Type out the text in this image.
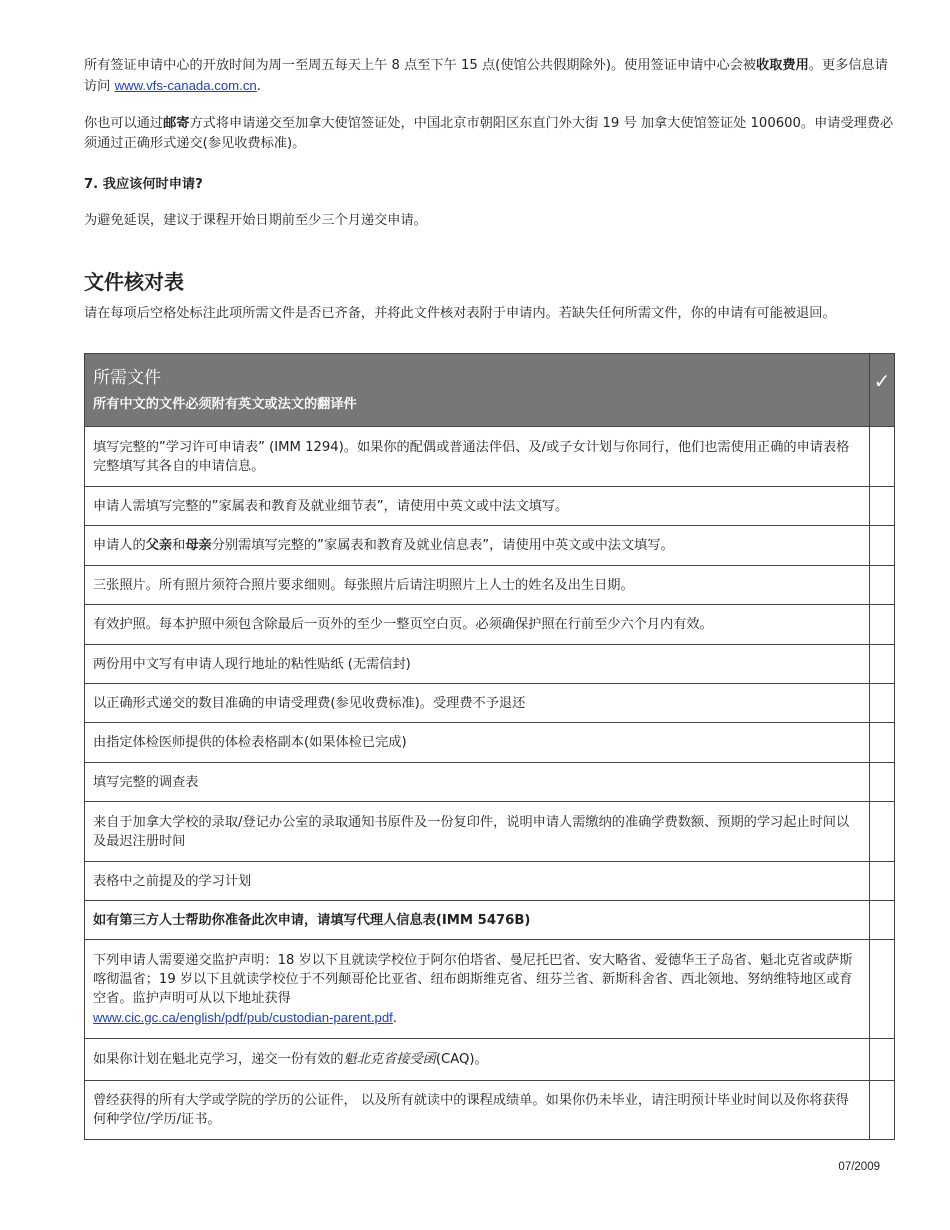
所有签证申请中心的开放时间为周一至周五每天上午 8 点至下午 15 点(使馆公共假期除外)。使用签证申请中心会被收取费用。更多信息请访问 www.vfs-canada.com.cn.

你也可以通过邮寄方式将申请递交至加拿大使馆签证处，中国北京市朝阳区东直门外大街 19 号 加拿大使馆签证处 100600。申请受理费必须通过正确形式递交(参见收费标准)。

7. 我应该何时申请?

为避免延误，建议于课程开始日期前至少三个月递交申请。

文件核对表

请在每项后空格处标注此项所需文件是否已齐备，并将此文件核对表附于申请内。若缺失任何所需文件，你的申请有可能被退回。

所需文件
所有中文的文件必须附有英文或法文的翻译件	✓

填写完整的”学习许可申请表” (IMM 1294)。如果你的配偶或普通法伴侣、及/或子女计划与你同行，他们也需使用正确的申请表格完整填写其各自的申请信息。	
申请人需填写完整的”家属表和教育及就业细节表”，请使用中英文或中法文填写。	
申请人的父亲和母亲分别需填写完整的”家属表和教育及就业信息表”，请使用中英文或中法文填写。	
三张照片。所有照片须符合照片要求细则。每张照片后请注明照片上人士的姓名及出生日期。	
有效护照。每本护照中须包含除最后一页外的至少一整页空白页。必须确保护照在行前至少六个月内有效。	
两份用中文写有申请人现行地址的粘性贴纸 (无需信封)	
以正确形式递交的数目准确的申请受理费(参见收费标准)。受理费不予退还	
由指定体检医师提供的体检表格副本(如果体检已完成)	
填写完整的调查表	
来自于加拿大学校的录取/登记办公室的录取通知书原件及一份复印件，说明申请人需缴纳的准确学费数额、预期的学习起止时间以及最迟注册时间	
表格中之前提及的学习计划	
如有第三方人士帮助你准备此次申请，请填写代理人信息表(IMM 5476B)	
下列申请人需要递交监护声明：18 岁以下且就读学校位于阿尔伯塔省、曼尼托巴省、安大略省、爱德华王子岛省、魁北克省或萨斯喀彻温省；19 岁以下且就读学校位于不列颠哥伦比亚省、纽布朗斯维克省、纽芬兰省、新斯科舍省、西北领地、努纳维特地区或育空省。监护声明可从以下地址获得
www.cic.gc.ca/english/pdf/pub/custodian-parent.pdf.	
如果你计划在魁北克学习，递交一份有效的魁北克省接受函(CAQ)。	
曾经获得的所有大学或学院的学历的公证件， 以及所有就读中的课程成绩单。如果你仍未毕业，请注明预计毕业时间以及你将获得何种学位/学历/证书。	
07/2009
